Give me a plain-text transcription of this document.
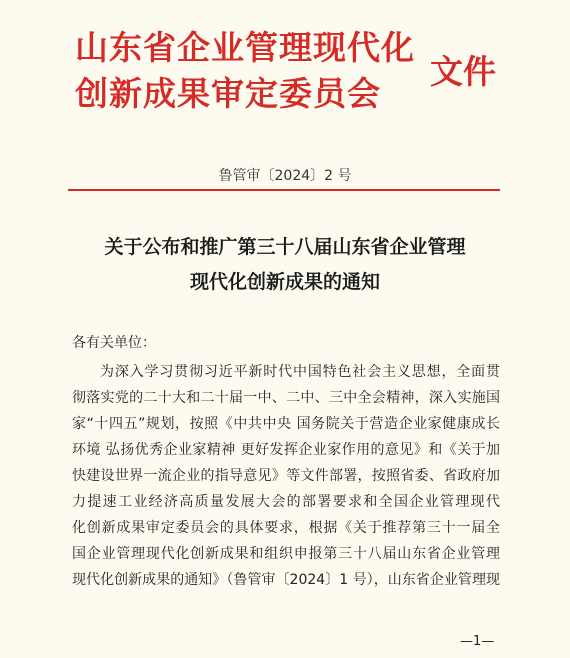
山东省企业管理现代化
创新成果审定委员会
文件
鲁管审〔2024〕2 号
关于公布和推广第三十八届山东省企业管理
现代化创新成果的通知
各有关单位：
为深入学习贯彻习近平新时代中国特色社会主义思想，全面贯
彻落实党的二十大和二十届一中、二中、三中全会精神，深入实施国
家“十四五”规划，按照《中共中央 国务院关于营造企业家健康成长
环境 弘扬优秀企业家精神 更好发挥企业家作用的意见》和《关于加
快建设世界一流企业的指导意见》等文件部署，按照省委、省政府加
力提速工业经济高质量发展大会的部署要求和全国企业管理现代
化创新成果审定委员会的具体要求，根据《关于推荐第三十一届全
国企业管理现代化创新成果和组织申报第三十八届山东省企业管理
现代化创新成果的通知》（鲁管审〔2024〕1 号），山东省企业管理现
—1—
